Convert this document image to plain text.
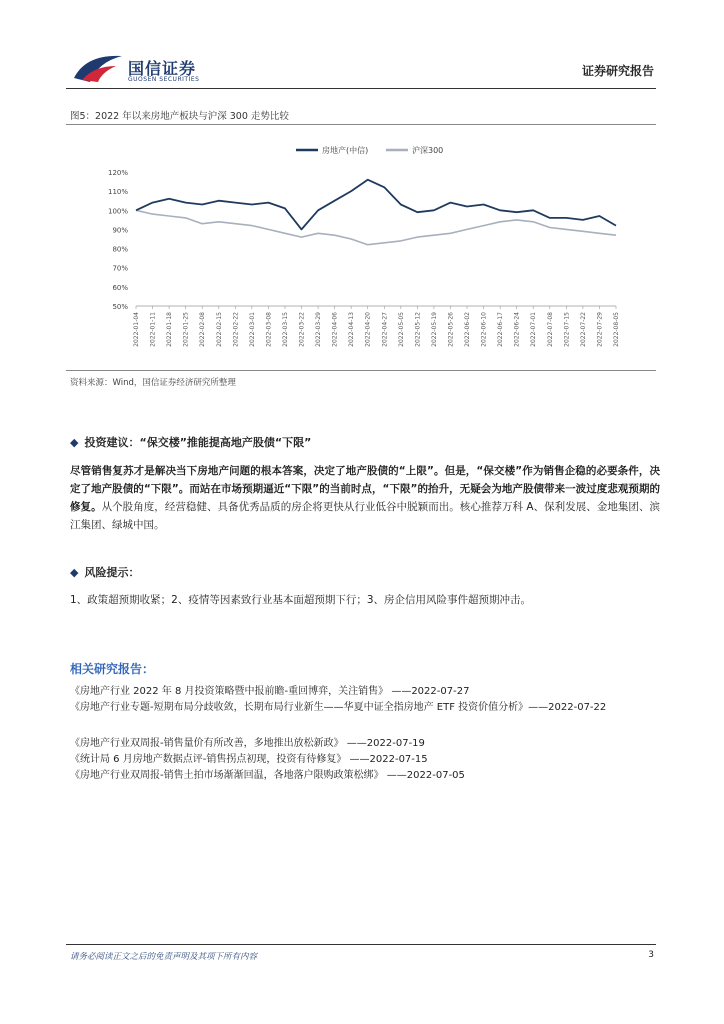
国信证券
GUOSEN SECURITIES
证券研究报告
图5：2022 年以来房地产板块与沪深 300 走势比较
房地产(中信)	沪深300
120%
110%
100%
90%
80%
70%
60%
50%
2022-01-04 2022-01-11 2022-01-18 2022-01-25 2022-02-08 2022-02-15 2022-02-22 2022-03-01 2022-03-08 2022-03-15 2022-03-22 2022-03-29 2022-04-06 2022-04-13 2022-04-20 2022-04-27 2022-05-05 2022-05-12 2022-05-19 2022-05-26 2022-06-02 2022-06-10 2022-06-17 2022-06-24 2022-07-01 2022-07-08 2022-07-15 2022-07-22 2022-07-29 2022-08-05
资料来源：Wind，国信证券经济研究所整理
◆ 投资建议：“保交楼”推能提高地产股债“下限”
尽管销售复苏才是解决当下房地产问题的根本答案，决定了地产股债的“上限”。但是，“保交楼”作为销售企稳的必要条件，决定了地产股债的“下限”。而站在市场预期逼近“下限”的当前时点，“下限”的抬升，无疑会为地产股债带来一波过度悲观预期的修复。从个股角度，经营稳健、具备优秀品质的房企将更快从行业低谷中脱颖而出。核心推荐万科 A、保利发展、金地集团、滨江集团、绿城中国。
◆ 风险提示：
1、政策超预期收紧；2、疫情等因素致行业基本面超预期下行；3、房企信用风险事件超预期冲击。
相关研究报告：
《房地产行业 2022 年 8 月投资策略暨中报前瞻-重回博弈，关注销售》 ——2022-07-27
《房地产行业专题-短期布局分歧收敛，长期布局行业新生——华夏中证全指房地产 ETF 投资价值分析》——2022-07-22
《房地产行业双周报-销售量价有所改善，多地推出放松新政》 ——2022-07-19
《统计局 6 月房地产数据点评-销售拐点初现，投资有待修复》 ——2022-07-15
《房地产行业双周报-销售土拍市场渐渐回温，各地落户限购政策松绑》 ——2022-07-05
请务必阅读正文之后的免责声明及其项下所有内容	3
